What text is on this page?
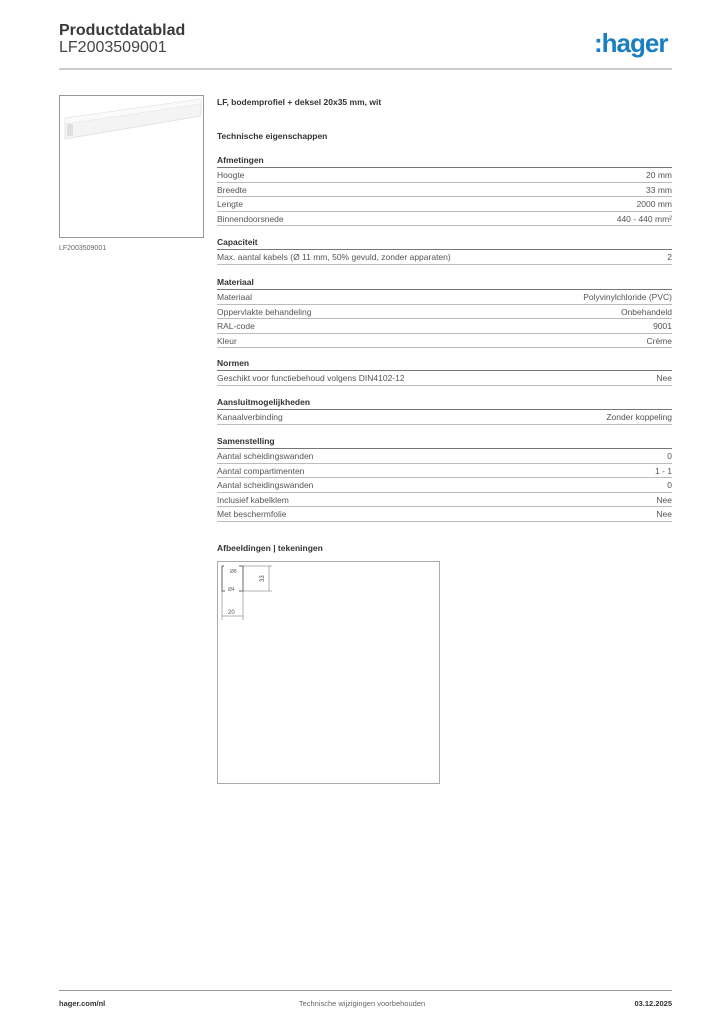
Productdatablad
LF2003509001	:hager
LF2003509001
LF, bodemprofiel + deksel 20x35 mm, wit
Technische eigenschappen
Afmetingen
Hoogte	20 mm
Breedte	33 mm
Lengte	2000 mm
Binnendoorsnede	440 - 440 mm²
Capaciteit
Max. aantal kabels (Ø 11 mm, 50% gevuld, zonder apparaten)	2
Materiaal
Materiaal	Polyvinylchloride (PVC)
Oppervlakte behandeling	Onbehandeld
RAL-code	9001
Kleur	Crème
Normen
Geschikt voor functiebehoud volgens DIN4102-12	Nee
Aansluitmogelijkheden
Kanaalverbinding	Zonder koppeling
Samenstelling
Aantal scheidingswanden	0
Aantal compartimenten	1 - 1
Aantal scheidingswanden	0
Inclusief kabelklem	Nee
Met beschermfolie	Nee
Afbeeldingen | tekeningen
Ø8
Ø4
33
20
hager.com/nl	Technische wijzigingen voorbehouden	03.12.2025
